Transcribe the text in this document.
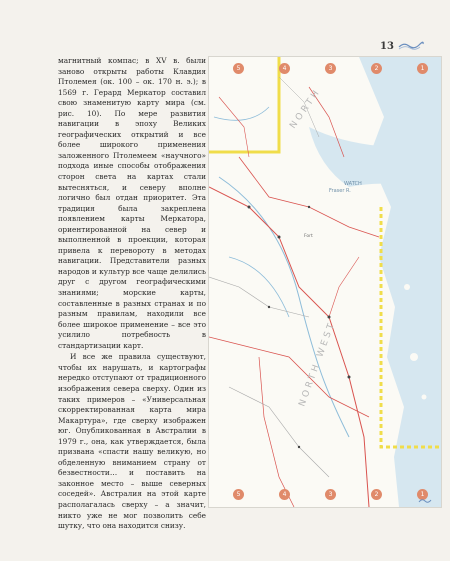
13

магнитный компас; в XV в. были заново открыты работы Клавдия Птолемея (ок. 100 – ок. 170 н. э.); в 1569 г. Герард Меркатор составил свою знаменитую карту мира (см. рис. 10). По мере развития навигации в эпоху Великих географических открытий и все более широкого применения заложенного Птолемеем «научного» подхода иные способы отображения сторон света на картах стали вытесняться, и северу вполне логично был отдан приоритет. Эта традиция была закреплена появлением карты Меркатора, ориентированной на север и выполненной в проекции, которая привела к перевороту в методах навигации. Представители разных народов и культур все чаще делились друг с другом географическими знаниями; морские карты, составленные в разных странах и по разным правилам, находили все более широкое применение – все это усилило потребность в стандартизации карт.

И все же правила существуют, чтобы их нарушать, и картографы нередко отступают от традиционного изображения севера сверху. Один из таких примеров – «Универсальная скорректированная карта мира Макартура», где сверху изображен юг. Опубликованная в Австралии в 1979 г., она, как утверждается, была призвана «спасти нашу великую, но обделенную вниманием страну от безвестности… и поставить на законное место – выше северных соседей». Австралия на этой карте располагалась сверху – а значит, никто уже не мог позволить себе шутку, что она находится снизу.

NORTH
NORTH WEST
Fraser R.
WATCH
Fort
5	4	3	2	1
5	4	3	2	1
